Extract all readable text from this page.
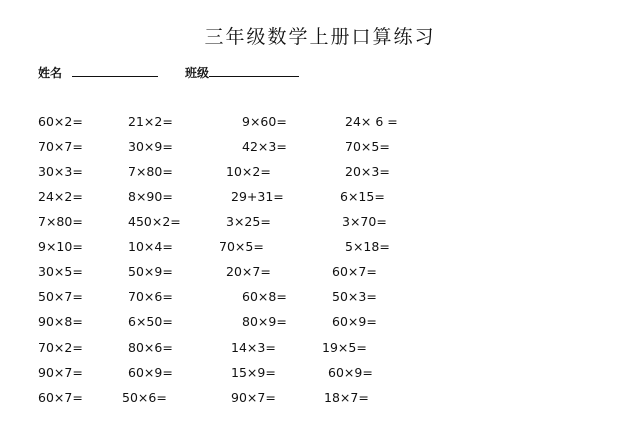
三年级数学上册口算练习
姓名	班级
60×2=	21×2=	9×60=	24× 6 =
70×7=	30×9=	42×3=	70×5=
30×3=	7×80=	10×2=	20×3=
24×2=	8×90=	29+31=	6×15=
7×80=	450×2=	3×25=	3×70=
9×10=	10×4=	70×5=	5×18=
30×5=	50×9=	20×7=	60×7=
50×7=	70×6=	60×8=	50×3=
90×8=	6×50=	80×9=	60×9=
70×2=	80×6=	14×3=	19×5=
90×7=	60×9=	15×9=	60×9=
60×7=	50×6=	90×7=	18×7=
